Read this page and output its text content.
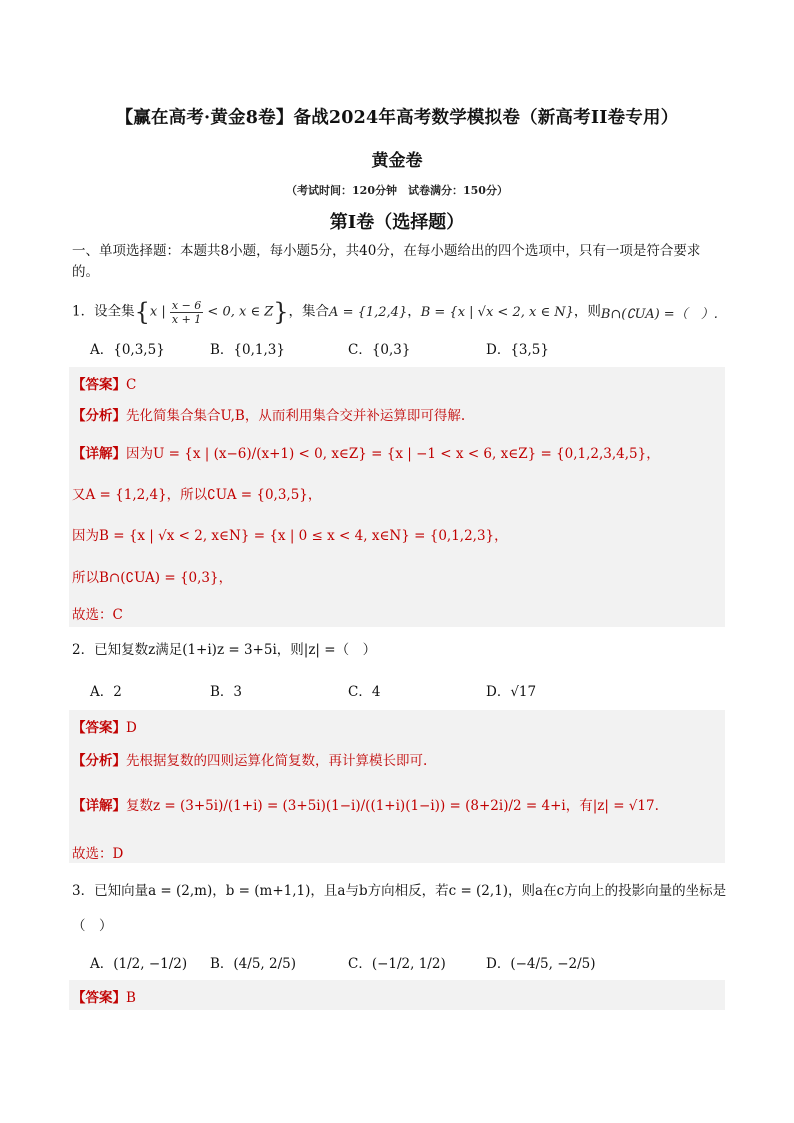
【赢在高考·黄金8卷】备战2024年高考数学模拟卷（新高考II卷专用）
黄金卷
（考试时间：120分钟　试卷满分：150分）
第I卷（选择题）
一、单项选择题：本题共8小题，每小题5分，共40分，在每小题给出的四个选项中，只有一项是符合要求的。
1．设全集{x | $\frac{x - 6}{x + 1} < 0$, x ∈ Z}，集合A = {1,2,4}，B = {x | √x < 2, x ∈ N}，则B∩(∁UA) =（　）.
A．{0,3,5}	B．{0,1,3}	C．{0,3}	D．{3,5}
【答案】C
【分析】先化简集合集合U,B，从而利用集合交并补运算即可得解.
【详解】因为U = {x | (x−6)/(x+1) < 0, x∈Z} = {x | −1 < x < 6, x∈Z} = {0,1,2,3,4,5}，
又A = {1,2,4}，所以∁UA = {0,3,5}，
因为B = {x | √x < 2, x∈N} = {x | 0 ≤ x < 4, x∈N} = {0,1,2,3}，
所以B∩(∁UA) = {0,3}，
故选：C
2．已知复数z满足(1+i)z = 3+5i，则|z| =（　）
A．2	B．3	C．4	D．√17
【答案】D
【分析】先根据复数的四则运算化简复数，再计算模长即可.
【详解】复数z = (3+5i)/(1+i) = (3+5i)(1−i)/((1+i)(1−i)) = (8+2i)/2 = 4+i，有|z| = √17.
故选：D
3．已知向量a = (2,m)，b = (m+1,1)，且a与b方向相反，若c = (2,1)，则a在c方向上的投影向量的坐标是
（　）
A．(1/2, −1/2) B．(4/5, 2/5)	C．(−1/2, 1/2)	D．(−4/5, −2/5)
【答案】B
